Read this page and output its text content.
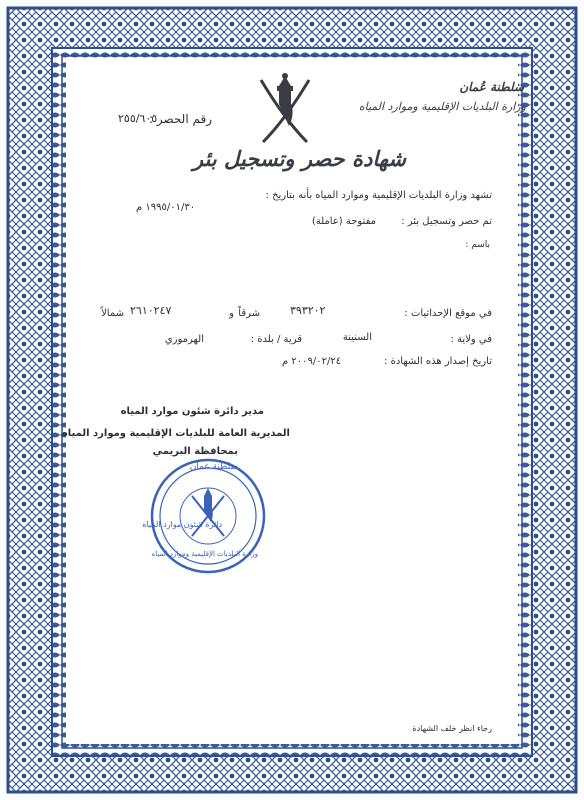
سلطنة عُمان
وزارة البلديات الإقليمية وموارد المياه
رقم الحصر :
٢٥٥/٦٠٥
شهادة حصر وتسجيل بئر
تشهد وزارة البلديات الإقليمية وموارد المياه بأنه بتاريخ :
١٩٩٥/٠١/٣٠ م
تم حصر وتسجيل بئر :
مفتوحة (عاملة)
باسم :
في موقع الإحداثيات :
٣٩٣٢٠٢
شرقاً
و
٢٦١٠٢٤٧
شمالاً
في ولاية :
السنينة
قرية / بلدة :
الهرموزي
تاريخ إصدار هذه الشهادة :
٢٠٠٩/٠٢/٢٤ م
مدير دائرة شئون موارد المياه
المديرية العامة للبلديات الإقليمية وموارد المياه
بمحافظة البريمي
سلطنة عمان
دائرة شئون موارد المياه
وزارة البلديات الإقليمية وموارد المياه
رجاء انظر خلف الشهادة
